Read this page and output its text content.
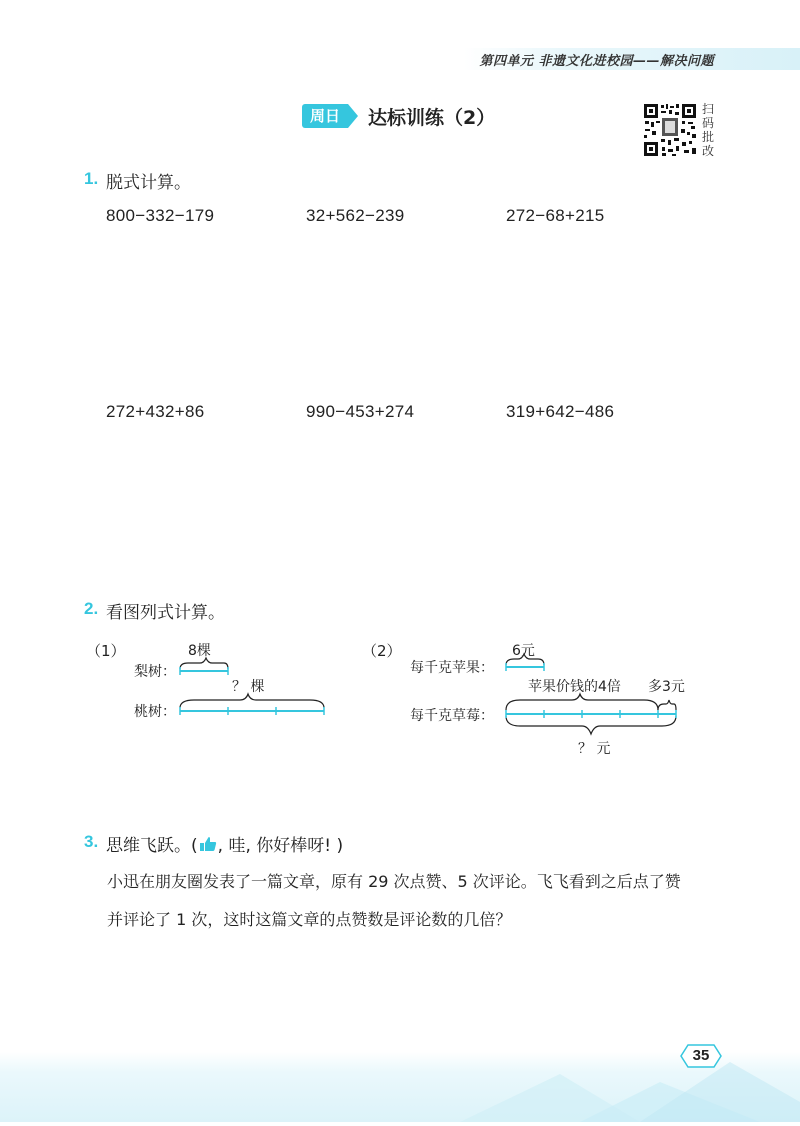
第四单元 非遗文化进校园——解决问题
周日	达标训练（2）	扫
码
批
改
1. 脱式计算。
800−332−179	32+562−239	272−68+215
272+432+86	990−453+274	319+642−486
2. 看图列式计算。
（1）	8棵
梨树：
？ 棵
桃树：
（2）	6元
每千克苹果：
苹果价钱的4倍 多3元
每千克草莓：
？ 元
3. 思维飞跃。( , 哇, 你好棒呀! )
小迅在朋友圈发表了一篇文章，原有 29 次点赞、5 次评论。飞飞看到之后点了赞
并评论了 1 次，这时这篇文章的点赞数是评论数的几倍？
35
